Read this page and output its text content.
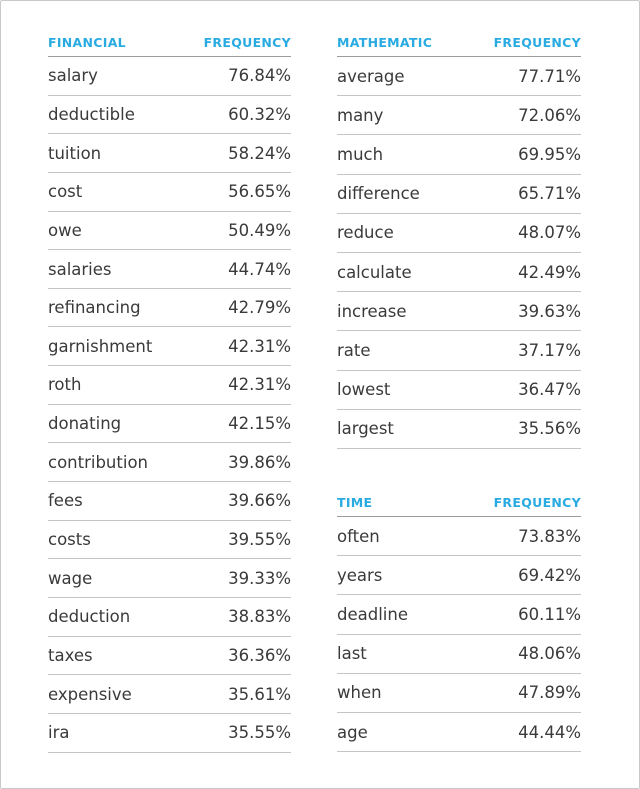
FINANCIAL	FREQUENCY
salary	76.84%
deductible	60.32%
tuition	58.24%
cost	56.65%
owe	50.49%
salaries	44.74%
refinancing	42.79%
garnishment	42.31%
roth	42.31%
donating	42.15%
contribution	39.86%
fees	39.66%
costs	39.55%
wage	39.33%
deduction	38.83%
taxes	36.36%
expensive	35.61%
ira	35.55%
MATHEMATIC	FREQUENCY
average	77.71%
many	72.06%
much	69.95%
difference	65.71%
reduce	48.07%
calculate	42.49%
increase	39.63%
rate	37.17%
lowest	36.47%
largest	35.56%
TIME	FREQUENCY
often	73.83%
years	69.42%
deadline	60.11%
last	48.06%
when	47.89%
age	44.44%
